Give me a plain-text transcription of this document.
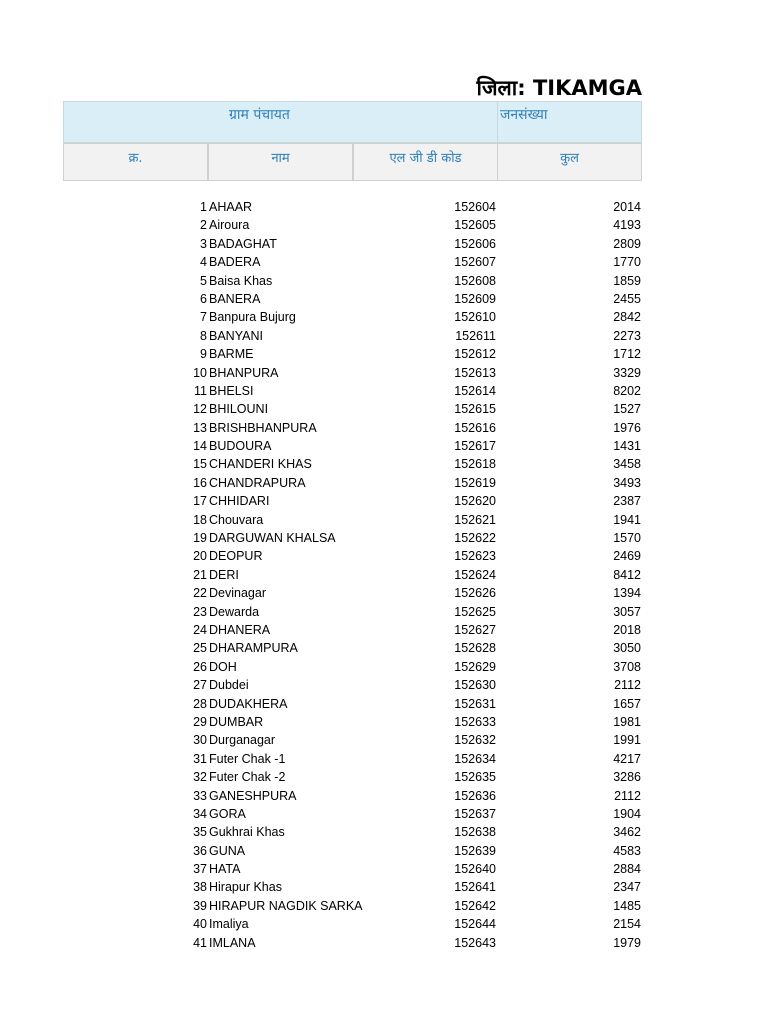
जिला: TIKAMGA
ग्राम पंचायत	जनसंख्या
क्र.	नाम	एल जी डी कोड	कुल
1 AHAAR	152604	2014
2 Airoura	152605	4193
3 BADAGHAT	152606	2809
4 BADERA	152607	1770
5 Baisa Khas	152608	1859
6 BANERA	152609	2455
7 Banpura Bujurg	152610	2842
8 BANYANI	152611	2273
9 BARME	152612	1712
10 BHANPURA	152613	3329
11 BHELSI	152614	8202
12 BHILOUNI	152615	1527
13 BRISHBHANPURA	152616	1976
14 BUDOURA	152617	1431
15 CHANDERI KHAS	152618	3458
16 CHANDRAPURA	152619	3493
17 CHHIDARI	152620	2387
18 Chouvara	152621	1941
19 DARGUWAN KHALSA	152622	1570
20 DEOPUR	152623	2469
21 DERI	152624	8412
22 Devinagar	152626	1394
23 Dewarda	152625	3057
24 DHANERA	152627	2018
25 DHARAMPURA	152628	3050
26 DOH	152629	3708
27 Dubdei	152630	2112
28 DUDAKHERA	152631	1657
29 DUMBAR	152633	1981
30 Durganagar	152632	1991
31 Futer Chak -1	152634	4217
32 Futer Chak -2	152635	3286
33 GANESHPURA	152636	2112
34 GORA	152637	1904
35 Gukhrai Khas	152638	3462
36 GUNA	152639	4583
37 HATA	152640	2884
38 Hirapur Khas	152641	2347
39 HIRAPUR NAGDIK SARKA	152642	1485
40 Imaliya	152644	2154
41 IMLANA	152643	1979
